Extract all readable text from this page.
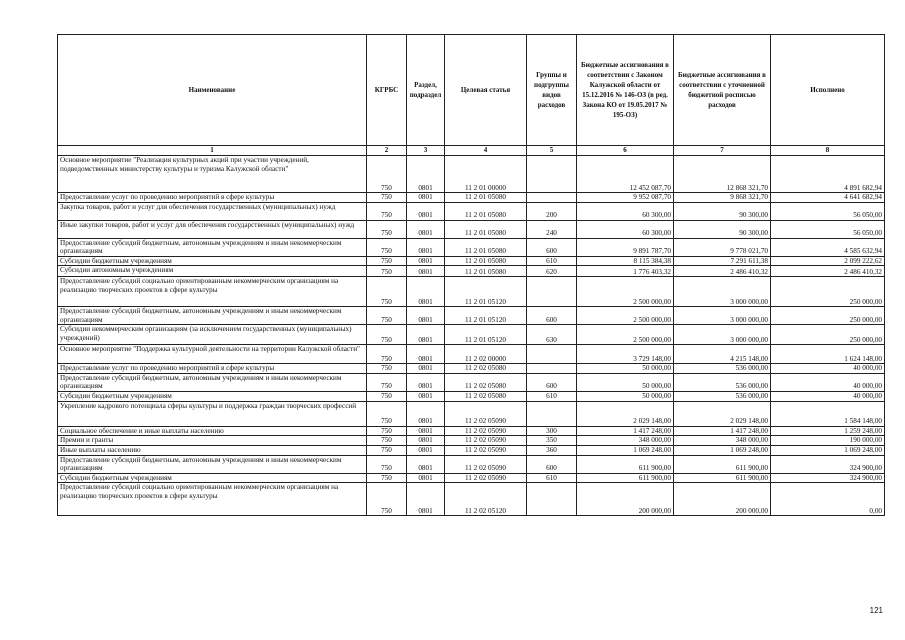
Наименование	КГРБС	Раздел, подраздел	Целевая статья	Группы и подгруппы видов расходов	Бюджетные ассигнования в соответствии с Законом Калужской области от 15.12.2016 № 146-ОЗ (в ред. Закона КО от 19.05.2017 № 195-ОЗ)	Бюджетные ассигнования в соответствии с уточненной бюджетной росписью расходов	Исполнено
1	2	3	4	5	6	7	8
Основное мероприятие "Реализация культурных акций при участии учреждений, подведомственных министерству культуры и туризма Калужской области"	750	0801	11 2 01 00000		12 452 087,70	12 868 321,70	4 891 682,94
Предоставление услуг по проведению мероприятий в сфере культуры	750	0801	11 2 01 05080		9 952 087,70	9 868 321,70	4 641 682,94
Закупка товаров, работ и услуг для обеспечения государственных (муниципальных) нужд	750	0801	11 2 01 05080	200	60 300,00	90 300,00	56 050,00
Иные закупки товаров, работ и услуг для обеспечения государственных (муниципальных) нужд	750	0801	11 2 01 05080	240	60 300,00	90 300,00	56 050,00
Предоставление субсидий бюджетным, автономным учреждениям и иным некоммерческим организациям	750	0801	11 2 01 05080	600	9 891 787,70	9 778 021,70	4 585 632,94
Субсидии бюджетным учреждениям	750	0801	11 2 01 05080	610	8 115 384,38	7 291 611,38	2 099 222,62
Субсидии автономным учреждениям	750	0801	11 2 01 05080	620	1 776 403,32	2 486 410,32	2 486 410,32
Предоставление субсидий социально ориентированным некоммерческим организациям на реализацию творческих проектов в сфере культуры	750	0801	11 2 01 05120		2 500 000,00	3 000 000,00	250 000,00
Предоставление субсидий бюджетным, автономным учреждениям и иным некоммерческим организациям	750	0801	11 2 01 05120	600	2 500 000,00	3 000 000,00	250 000,00
Субсидии некоммерческим организациям (за исключением государственных (муниципальных) учреждений)	750	0801	11 2 01 05120	630	2 500 000,00	3 000 000,00	250 000,00
Основное мероприятие "Поддержка культурной деятельности на территории Калужской области"	750	0801	11 2 02 00000		3 729 148,00	4 215 148,00	1 624 148,00
Предоставление услуг по проведению мероприятий в сфере культуры	750	0801	11 2 02 05080		50 000,00	536 000,00	40 000,00
Предоставление субсидий бюджетным, автономным учреждениям и иным некоммерческим организациям	750	0801	11 2 02 05080	600	50 000,00	536 000,00	40 000,00
Субсидии бюджетным учреждениям	750	0801	11 2 02 05080	610	50 000,00	536 000,00	40 000,00
Укрепление кадрового потенциала сферы культуры и поддержка граждан творческих профессий	750	0801	11 2 02 05090		2 029 148,00	2 029 148,00	1 584 148,00
Социальное обеспечение и иные выплаты населению	750	0801	11 2 02 05090	300	1 417 248,00	1 417 248,00	1 259 248,00
Премии и гранты	750	0801	11 2 02 05090	350	348 000,00	348 000,00	190 000,00
Иные выплаты населению	750	0801	11 2 02 05090	360	1 069 248,00	1 069 248,00	1 069 248,00
Предоставление субсидий бюджетным, автономным учреждениям и иным некоммерческим организациям	750	0801	11 2 02 05090	600	611 900,00	611 900,00	324 900,00
Субсидии бюджетным учреждениям	750	0801	11 2 02 05090	610	611 900,00	611 900,00	324 900,00
Предоставление субсидий социально ориентированным некоммерческим организациям на реализацию творческих проектов в сфере культуры	750	0801	11 2 02 05120		200 000,00	200 000,00	0,00
121
